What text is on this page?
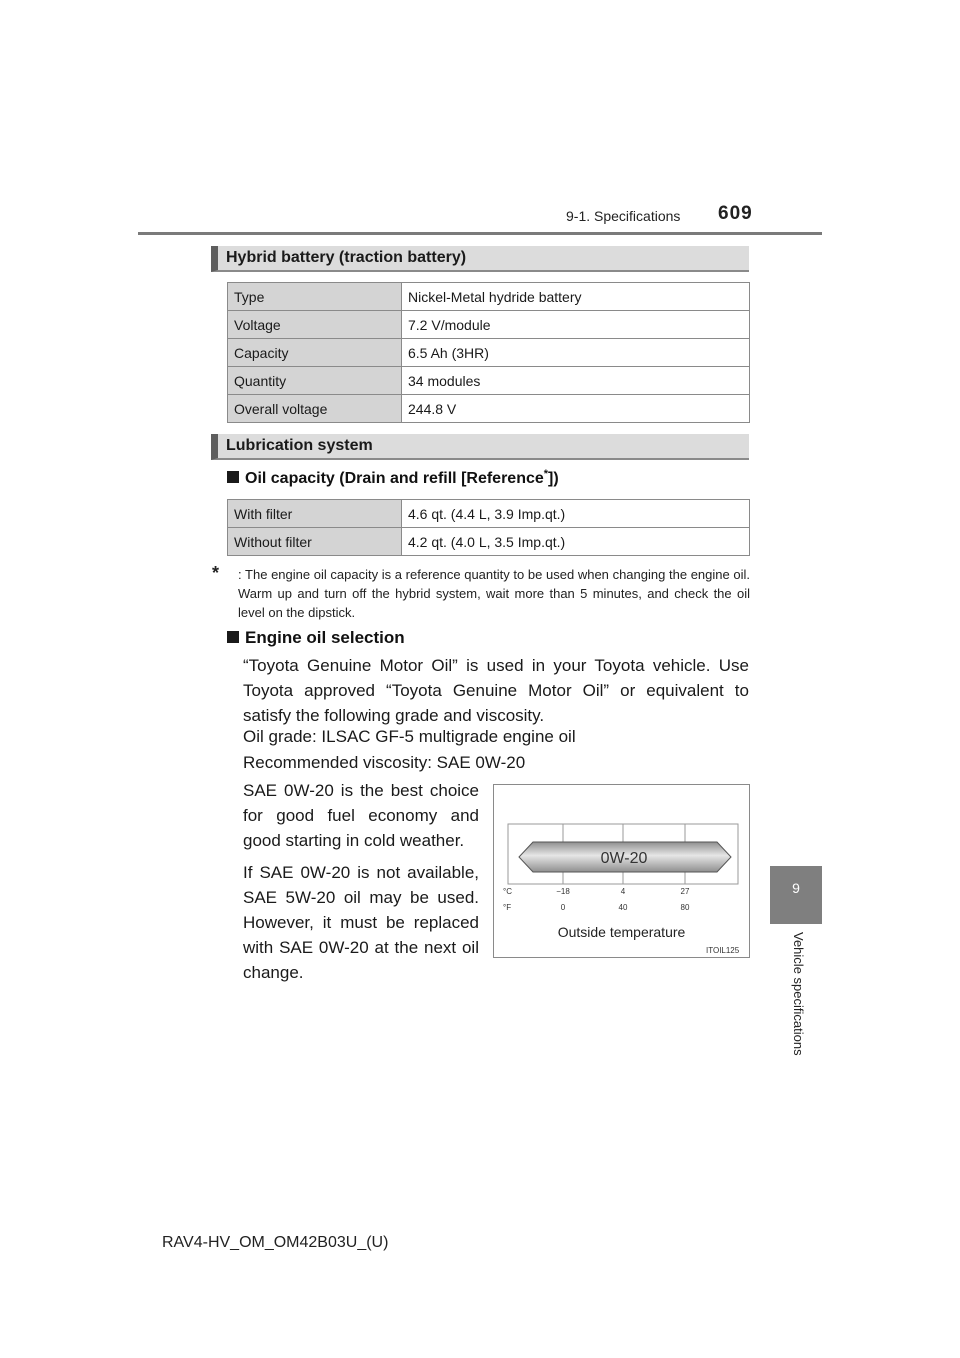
9-1. Specifications 609
9
Vehicle specifications
Hybrid battery (traction battery)
Type	Nickel-Metal hydride battery
Voltage	7.2 V/module
Capacity	6.5 Ah (3HR)
Quantity	34 modules
Overall voltage	244.8 V
Lubrication system
Oil capacity (Drain and refill [Reference*])
With filter	4.6 qt. (4.4 L, 3.9 Imp.qt.)
Without filter	4.2 qt. (4.0 L, 3.5 Imp.qt.)
* : The engine oil capacity is a reference quantity to be used when changing the engine oil. Warm up and turn off the hybrid system, wait more than 5 minutes, and check the oil level on the dipstick.
Engine oil selection
“Toyota Genuine Motor Oil” is used in your Toyota vehicle. Use Toyota approved “Toyota Genuine Motor Oil” or equivalent to satisfy the following grade and viscosity.
Oil grade: ILSAC GF-5 multigrade engine oil
Recommended viscosity: SAE 0W-20
SAE 0W-20 is the best choice for good fuel economy and good starting in cold weather.
If SAE 0W-20 is not available, SAE 5W-20 oil may be used. However, it must be replaced with SAE 0W-20 at the next oil change.
0W-20
°C
°F
−18	4	27
0	40	80
Outside temperature
ITOIL125
RAV4-HV_OM_OM42B03U_(U)
